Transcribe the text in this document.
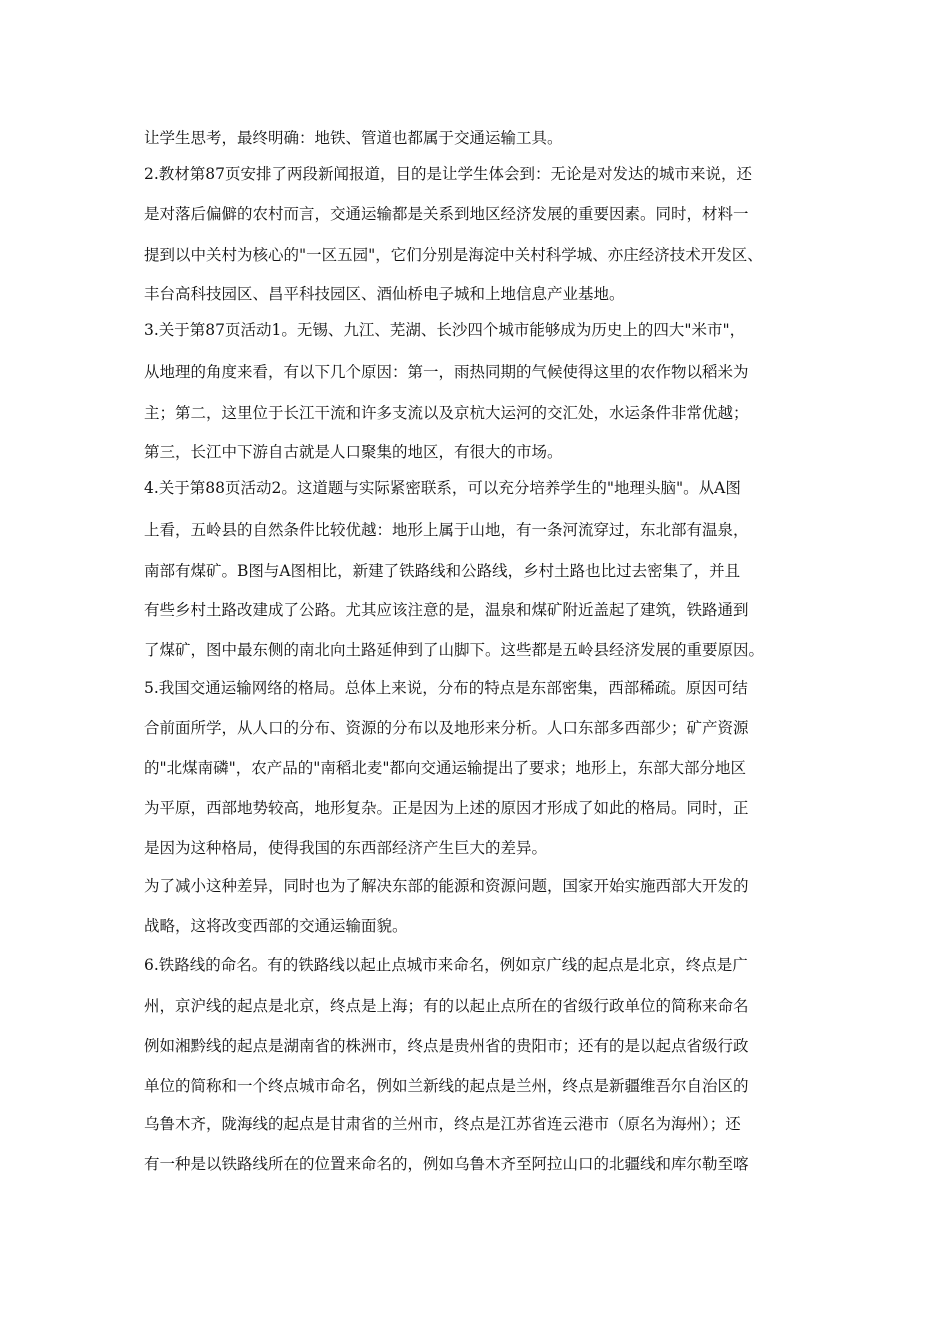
让学生思考，最终明确：地铁、管道也都属于交通运输工具。
2.教材第87页安排了两段新闻报道，目的是让学生体会到：无论是对发达的城市来说，还
是对落后偏僻的农村而言，交通运输都是关系到地区经济发展的重要因素。同时，材料一
提到以中关村为核心的"一区五园"，它们分别是海淀中关村科学城、亦庄经济技术开发区、
丰台高科技园区、昌平科技园区、酒仙桥电子城和上地信息产业基地。
3.关于第87页活动1。无锡、九江、芜湖、长沙四个城市能够成为历史上的四大"米市"，
从地理的角度来看，有以下几个原因：第一，雨热同期的气候使得这里的农作物以稻米为
主；第二，这里位于长江干流和许多支流以及京杭大运河的交汇处，水运条件非常优越；
第三，长江中下游自古就是人口聚集的地区，有很大的市场。
4.关于第88页活动2。这道题与实际紧密联系，可以充分培养学生的"地理头脑"。从A图
上看，五岭县的自然条件比较优越：地形上属于山地，有一条河流穿过，东北部有温泉，
南部有煤矿。B图与A图相比，新建了铁路线和公路线，乡村土路也比过去密集了，并且
有些乡村土路改建成了公路。尤其应该注意的是，温泉和煤矿附近盖起了建筑，铁路通到
了煤矿，图中最东侧的南北向土路延伸到了山脚下。这些都是五岭县经济发展的重要原因。
5.我国交通运输网络的格局。总体上来说，分布的特点是东部密集，西部稀疏。原因可结
合前面所学，从人口的分布、资源的分布以及地形来分析。人口东部多西部少；矿产资源
的"北煤南磷"，农产品的"南稻北麦"都向交通运输提出了要求；地形上，东部大部分地区
为平原，西部地势较高，地形复杂。正是因为上述的原因才形成了如此的格局。同时，正
是因为这种格局，使得我国的东西部经济产生巨大的差异。
为了减小这种差异，同时也为了解决东部的能源和资源问题，国家开始实施西部大开发的
战略，这将改变西部的交通运输面貌。
6.铁路线的命名。有的铁路线以起止点城市来命名，例如京广线的起点是北京，终点是广
州，京沪线的起点是北京，终点是上海；有的以起止点所在的省级行政单位的简称来命名
例如湘黔线的起点是湖南省的株洲市，终点是贵州省的贵阳市；还有的是以起点省级行政
单位的简称和一个终点城市命名，例如兰新线的起点是兰州，终点是新疆维吾尔自治区的
乌鲁木齐，陇海线的起点是甘肃省的兰州市，终点是江苏省连云港市（原名为海州）；还
有一种是以铁路线所在的位置来命名的，例如乌鲁木齐至阿拉山口的北疆线和库尔勒至喀
